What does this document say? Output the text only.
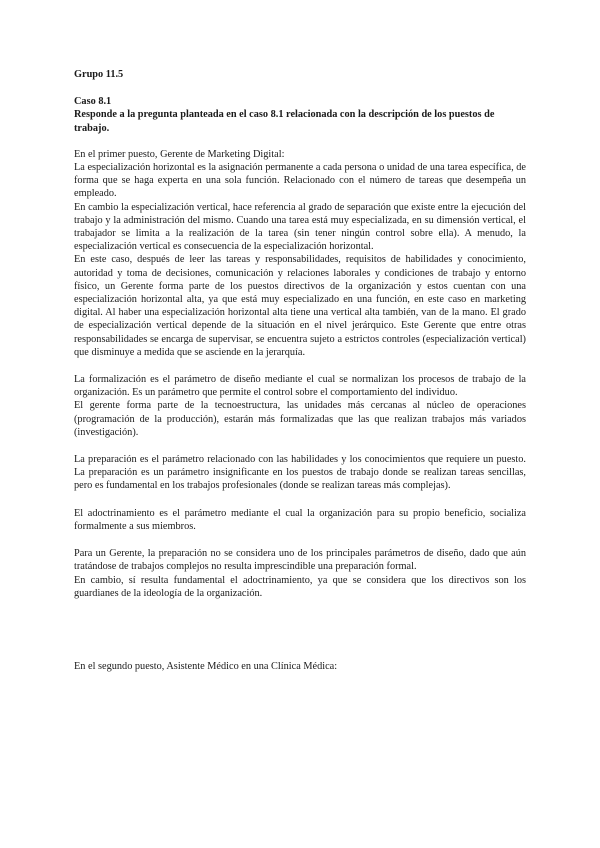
Grupo 11.5

Caso 8.1

Responde a la pregunta planteada en el caso 8.1 relacionada con la descripción de los puestos de trabajo.

En el primer puesto, Gerente de Marketing Digital:

La especialización horizontal es la asignación permanente a cada persona o unidad de una tarea específica, de forma que se haga experta en una sola función. Relacionado con el número de tareas que desempeña un empleado.

En cambio la especialización vertical, hace referencia al grado de separación que existe entre la ejecución del trabajo y la administración del mismo. Cuando una tarea está muy especializada, en su dimensión vertical, el trabajador se limita a la realización de la tarea (sin tener ningún control sobre ella). A menudo, la especialización vertical es consecuencia de la especialización horizontal.

En este caso, después de leer las tareas y responsabilidades, requisitos de habilidades y conocimiento, autoridad y toma de decisiones, comunicación y relaciones laborales y condiciones de trabajo y entorno físico, un Gerente forma parte de los puestos directivos de la organización y estos cuentan con una especialización horizontal alta, ya que está muy especializado en una función, en este caso en marketing digital. Al haber una especialización horizontal alta tiene una vertical alta también, van de la mano. El grado de especialización vertical depende de la situación en el nivel jerárquico. Este Gerente que entre otras responsabilidades se encarga de supervisar, se encuentra sujeto a estrictos controles (especialización vertical) que disminuye a medida que se asciende en la jerarquía.

La formalización es el parámetro de diseño mediante el cual se normalizan los procesos de trabajo de la organización. Es un parámetro que permite el control sobre el comportamiento del individuo.

El gerente forma parte de la tecnoestructura, las unidades más cercanas al núcleo de operaciones (programación de la producción), estarán más formalizadas que las que realizan trabajos más variados (investigación).

La preparación es el parámetro relacionado con las habilidades y los conocimientos que requiere un puesto. La preparación es un parámetro insignificante en los puestos de trabajo donde se realizan tareas sencillas, pero es fundamental en los trabajos profesionales (donde se realizan tareas más complejas).

El adoctrinamiento es el parámetro mediante el cual la organización para su propio beneficio, socializa formalmente a sus miembros.

Para un Gerente, la preparación no se considera uno de los principales parámetros de diseño, dado que aún tratándose de trabajos complejos no resulta imprescindible una preparación formal.

En cambio, sí resulta fundamental el adoctrinamiento, ya que se considera que los directivos son los guardianes de la ideología de la organización.

En el segundo puesto, Asistente Médico en una Clínica Médica:
